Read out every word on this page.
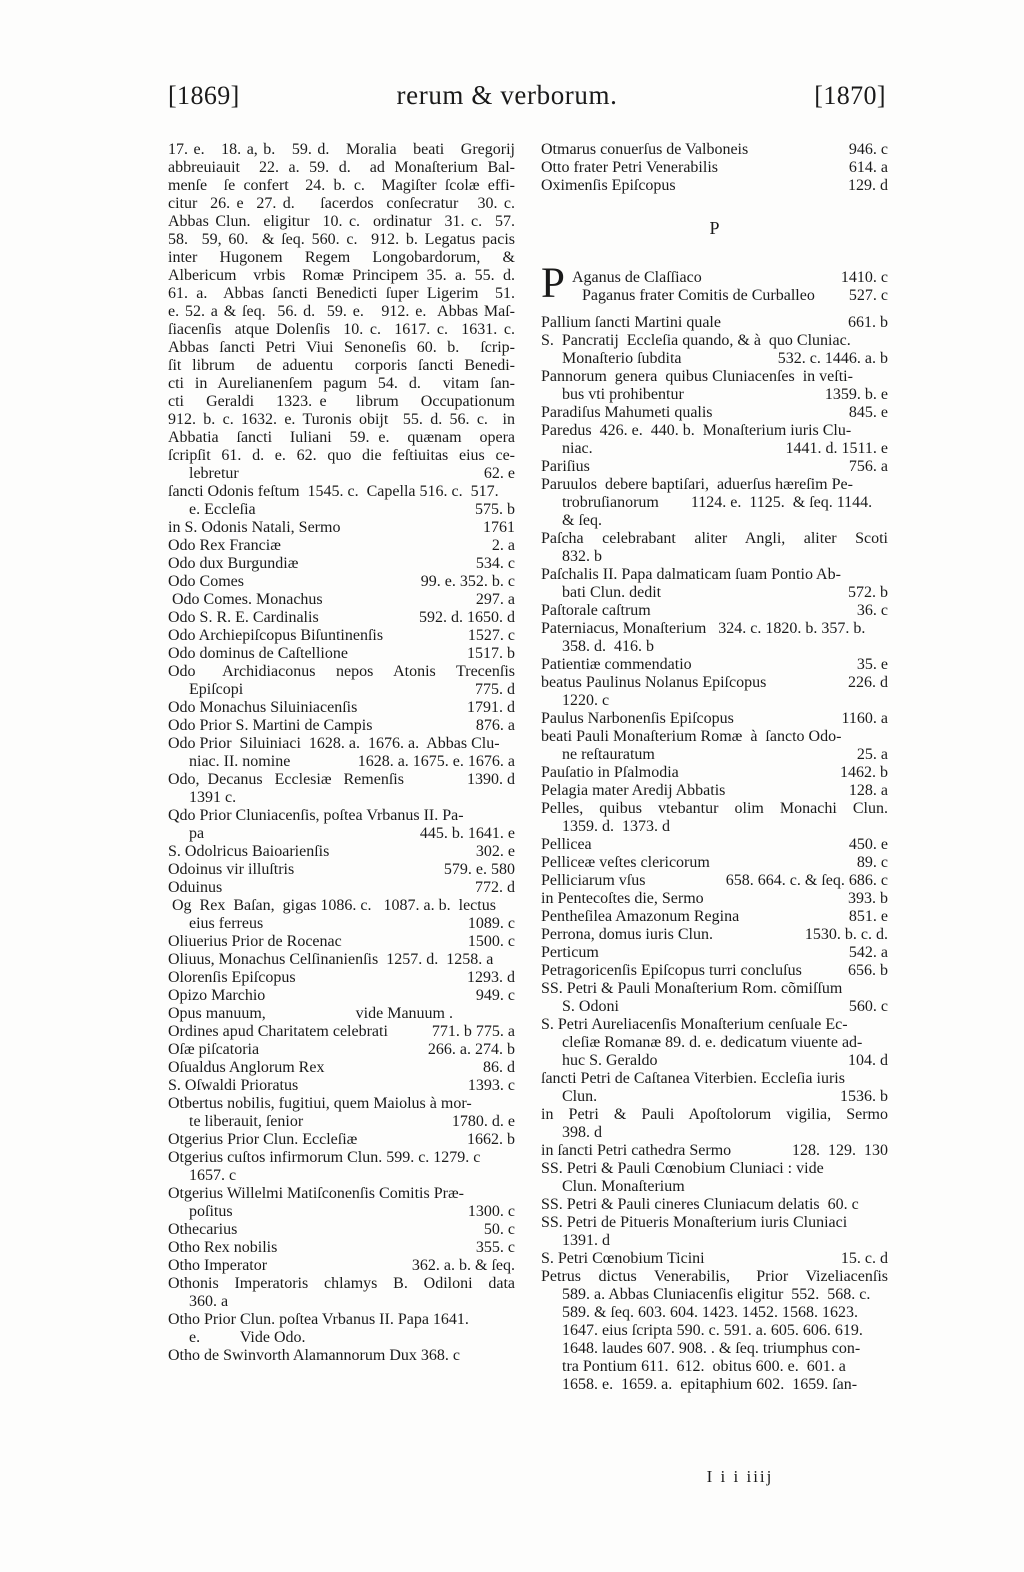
[1869]	rerum & verborum.	[1870]
17. e.   18. a, b.   59. d.   Moralia   beati   Gregorij
abbreuiauit  22. a. 59. d.  ad Monaſterium Bal-
menſe  ſe confert  24. b. c.  Magiſter ſcolæ effi-
citur  26. e  27. d.    ſacerdos  conſecratur   30. c.
Abbas Clun.  eligitur  10. c.  ordinatur  31. c.  57.
58.  59, 60.  & ſeq. 560. c.  912. b. Legatus pacis
inter  Hugonem  Regem  Longobardorum,  &
Albericum  vrbis  Romæ Principem 35. a. 55. d.
61. a.  Abbas ſancti Benedicti ſuper Ligerim  51.
e. 52. a & ſeq.  56. d.  59. e.   912. e.  Abbas Maſ-
ſiacenſis  atque Dolenſis  10. c.  1617. c.  1631. c.
Abbas ſancti Petri Viui Senoneſis 60. b.  ſcrip-
ſit librum  de aduentu  corporis ſancti Benedi-
cti in Aurelianenſem pagum 54. d.  vitam ſan-
cti   Geraldi   1323. e    librum   Occupationum
912. b. c. 1632. e. Turonis obijt  55. d. 56. c.  in
Abbatia  ſancti  Iuliani  59. e.  quænam  opera
ſcripſit 61. d. e. 62. quo die feſtiuitas eius ce-
lebretur	62. e
ſancti Odonis feſtum  1545. c.  Capella 516. c.  517.
e. Eccleſia	575. b
in S. Odonis Natali, Sermo	1761
Odo Rex Franciæ	2. a
Odo dux Burgundiæ	534. c
Odo Comes	99. e. 352. b. c
Odo Comes. Monachus	297. a
Odo S. R. E. Cardinalis	592. d. 1650. d
Odo Archiepiſcopus Biſuntinenſis	1527. c
Odo dominus de Caſtellione	1517. b
Odo    Archidiaconus   nepos   Atonis   Trecenſis
Epiſcopi	775. d
Odo Monachus Siluiniacenſis	1791. d
Odo Prior S. Martini de Campis	876. a
Odo Prior  Siluiniaci  1628. a.  1676. a.  Abbas Clu-
niac. II. nomine	1628. a. 1675. e. 1676. a
Odo,  Decanus   Ecclesiæ   Remenſis	1390. d
1391 c.
Qdo Prior Cluniacenſis, poſtea Vrbanus II. Pa-
pa	445. b. 1641. e
S. Odolricus Baioarienſis	302. e
Odoinus vir illuſtris	579. e. 580
Oduinus	772. d
Og  Rex  Baſan,  gigas 1086. c.   1087. a. b.  lectus
eius ferreus	1089. c
Oliuerius Prior de Rocenac	1500. c
Oliuus, Monachus Celſinanienſis  1257. d.  1258. a
Olorenſis Epiſcopus	1293. d
Opizo Marchio	949. c
Opus manuum,	vide Manuum .
Ordines apud Charitatem celebrati	771. b 775. a
Oſæ piſcatoria	266. a. 274. b
Oſualdus Anglorum Rex	86. d
S. Oſwaldi Prioratus	1393. c
Otbertus nobilis, fugitiui, quem Maiolus à mor-
te liberauit, ſenior	1780. d. e
Otgerius Prior Clun. Eccleſiæ	1662. b
Otgerius cuſtos infirmorum Clun. 599. c. 1279. c
1657. c
Otgerius Willelmi Matiſconenſis Comitis Præ-
poſitus	1300. c
Othecarius	50. c
Otho Rex nobilis	355. c
Otho Imperator	362. a. b. & ſeq.
Othonis  Imperatoris  chlamys  B.  Odiloni  data
360. a
Otho Prior Clun. poſtea Vrbanus II. Papa 1641.
e.          Vide Odo.
Otho de Swinvorth Alamannorum Dux 368. c
Otmarus conuerſus de Valboneis	946. c
Otto frater Petri Venerabilis	614. a
Oximenſis Epiſcopus	129. d
P
P Aganus de Claſſiaco	1410. c
Paganus frater Comitis de Curballeo 527. c
Pallium ſancti Martini quale	661. b
S.  Pancratij  Eccleſia quando, & à  quo Cluniac.
Monaſterio ſubdita	532. c. 1446. a. b
Pannorum  genera  quibus Cluniacenſes  in veſti-
bus vti prohibentur	1359. b. e
Paradiſus Mahumeti qualis	845. e
Paredus  426. e.  440. b.  Monaſterium iuris Clu-
niac.	1441. d. 1511. e
Pariſius	756. a
Paruulos  debere baptiſari,  aduerſus hæreſim Pe-
trobruſianorum        1124. e.  1125.  & ſeq. 1144.
& ſeq.
Paſcha   celebrabant   aliter   Angli,   aliter   Scoti
832. b
Paſchalis II. Papa dalmaticam ſuam Pontio Ab-
bati Clun. dedit	572. b
Paſtorale caſtrum	36. c
Paterniacus, Monaſterium   324. c. 1820. b. 357. b.
358. d.  416. b
Patientiæ commendatio	35. e
beatus Paulinus Nolanus Epiſcopus	226. d
1220. c
Paulus Narbonenſis Epiſcopus	1160. a
beati Pauli Monaſterium Romæ  à  ſancto Odo-
ne reſtauratum	25. a
Pauſatio in Pſalmodia	1462. b
Pelagia mater Aredij Abbatis	128. a
Pelles,  quibus  vtebantur  olim  Monachi  Clun.
1359. d.  1373. d
Pellicea	450. e
Pelliceæ veſtes clericorum	89. c
Pelliciarum vſus	658. 664. c. & ſeq. 686. c
in Pentecoſtes die, Sermo	393. b
Pentheſilea Amazonum Regina	851. e
Perrona, domus iuris Clun.	1530. b. c. d.
Perticum	542. a
Petragoricenſis Epiſcopus turri concluſus	656. b
SS. Petri & Pauli Monaſterium Rom. cõmiſſum
S. Odoni	560. c
S. Petri Aureliacenſis Monaſterium cenſuale Ec-
cleſiæ Romanæ 89. d. e. dedicatum viuente ad-
huc S. Geraldo	104. d
ſancti Petri de Caſtanea Viterbien. Eccleſia iuris
Clun.	1536. b
in  Petri  &  Pauli  Apoſtolorum  vigilia,  Sermo
398. d
in ſancti Petri cathedra Sermo	128.  129.  130
SS. Petri & Pauli Cœnobium Cluniaci : vide
Clun. Monaſterium
SS. Petri & Pauli cineres Cluniacum delatis  60. c
SS. Petri de Pitueris Monaſterium iuris Cluniaci
1391. d
S. Petri Cœnobium Ticini	15. c. d
Petrus  dictus  Venerabilis,   Prior  Vizeliacenſis
589. a. Abbas Cluniacenſis eligitur  552.  568. c.
589. & ſeq. 603. 604. 1423. 1452. 1568. 1623.
1647. eius ſcripta 590. c. 591. a. 605. 606. 619.
1648. laudes 607. 908. . & ſeq. triumphus con-
tra Pontium 611.  612.  obitus 600. e.  601. a
1658. e.  1659. a.  epitaphium 602.  1659. ſan-
I i i iiij
